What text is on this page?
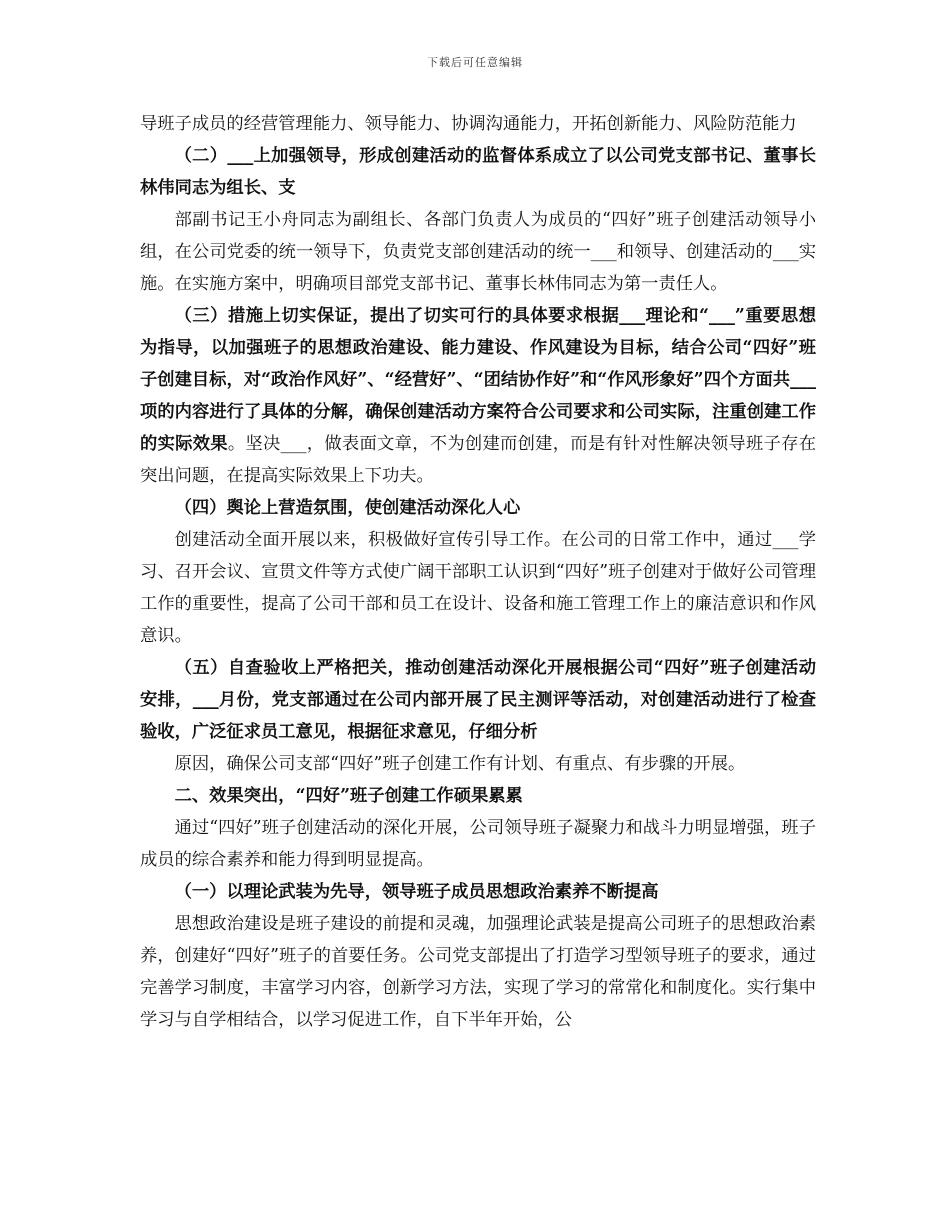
下载后可任意编辑

导班子成员的经营管理能力、领导能力、协调沟通能力，开拓创新能力、风险防范能力

（二）___上加强领导，形成创建活动的监督体系成立了以公司党支部书记、董事长林伟同志为组长、支

部副书记王小舟同志为副组长、各部门负责人为成员的“四好”班子创建活动领导小组，在公司党委的统一领导下，负责党支部创建活动的统一___和领导、创建活动的___实施。在实施方案中，明确项目部党支部书记、董事长林伟同志为第一责任人。

（三）措施上切实保证，提出了切实可行的具体要求根据___理论和“___”重要思想为指导，以加强班子的思想政治建设、能力建设、作风建设为目标，结合公司“四好”班子创建目标，对“政治作风好”、“经营好”、“团结协作好”和“作风形象好”四个方面共___项的内容进行了具体的分解，确保创建活动方案符合公司要求和公司实际，注重创建工作的实际效果。坚决___，做表面文章，不为创建而创建，而是有针对性解决领导班子存在突出问题，在提高实际效果上下功夫。

（四）舆论上营造氛围，使创建活动深化人心

创建活动全面开展以来，积极做好宣传引导工作。在公司的日常工作中，通过___学习、召开会议、宣贯文件等方式使广阔干部职工认识到“四好”班子创建对于做好公司管理工作的重要性，提高了公司干部和员工在设计、设备和施工管理工作上的廉洁意识和作风意识。

（五）自查验收上严格把关，推动创建活动深化开展根据公司“四好”班子创建活动安排，___月份，党支部通过在公司内部开展了民主测评等活动，对创建活动进行了检查验收，广泛征求员工意见，根据征求意见，仔细分析

原因，确保公司支部“四好”班子创建工作有计划、有重点、有步骤的开展。

二、效果突出，“四好”班子创建工作硕果累累

通过“四好”班子创建活动的深化开展，公司领导班子凝聚力和战斗力明显增强，班子成员的综合素养和能力得到明显提高。

（一）以理论武装为先导，领导班子成员思想政治素养不断提高

思想政治建设是班子建设的前提和灵魂，加强理论武装是提高公司班子的思想政治素养，创建好“四好”班子的首要任务。公司党支部提出了打造学习型领导班子的要求，通过完善学习制度，丰富学习内容，创新学习方法，实现了学习的常常化和制度化。实行集中学习与自学相结合，以学习促进工作，自下半年开始，公
